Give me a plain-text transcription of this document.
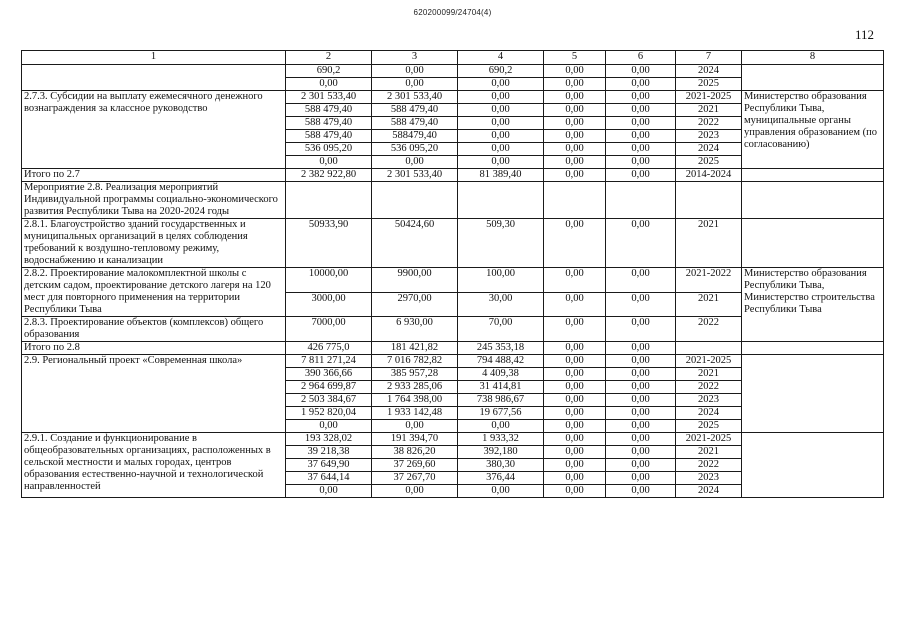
620200099/24704(4)
112
1	2	3	4	5	6	7	8
	690,2	0,00	690,2	0,00	0,00	2024	
	0,00	0,00	0,00	0,00	0,00	2025	
2.7.3. Субсидии на выплату ежемесячного денежного вознаграждения за классное руководство	2 301 533,40	2 301 533,40	0,00	0,00	0,00	2021-2025	Министерство образования Республики Тыва, муниципальные органы управления образованием (по согласованию)
	588 479,40	588 479,40	0,00	0,00	0,00	2021	
	588 479,40	588 479,40	0,00	0,00	0,00	2022	
	588 479,40	588479,40	0,00	0,00	0,00	2023	
	536 095,20	536 095,20	0,00	0,00	0,00	2024	
	0,00	0,00	0,00	0,00	0,00	2025	
Итого по 2.7	2 382 922,80	2 301 533,40	81 389,40	0,00	0,00	2014-2024	
Мероприятие 2.8. Реализация мероприятий Индивидуальной программы социально-экономического развития Республики Тыва на 2020-2024 годы							
2.8.1. Благоустройство зданий государственных и муниципальных организаций в целях соблюдения требований к воздушно-тепловому режиму, водоснабжению и канализации	50933,90	50424,60	509,30	0,00	0,00	2021	
2.8.2. Проектирование малокомплектной школы с детским садом, проектирование детского лагеря на 120 мест для повторного применения на территории Республики Тыва	10000,00	9900,00	100,00	0,00	0,00	2021-2022	Министерство образования Республики Тыва, Министерство строительства Республики Тыва
	3000,00	2970,00	30,00	0,00	0,00	2021	
2.8.3. Проектирование объектов (комплексов) общего образования	7000,00	6 930,00	70,00	0,00	0,00	2022	
Итого по 2.8	426 775,0	181 421,82	245 353,18	0,00	0,00		
2.9. Региональный проект «Современная школа»	7 811 271,24	7 016 782,82	794 488,42	0,00	0,00	2021-2025	
	390 366,66	385 957,28	4 409,38	0,00	0,00	2021	
	2 964 699,87	2 933 285,06	31 414,81	0,00	0,00	2022	
	2 503 384,67	1 764 398,00	738 986,67	0,00	0,00	2023	
	1 952 820,04	1 933 142,48	19 677,56	0,00	0,00	2024	
	0,00	0,00	0,00	0,00	0,00	2025	
2.9.1. Создание и функционирование в общеобразовательных организациях, расположенных в сельской местности и малых городах, центров образования естественно-научной и технологической направленностей	193 328,02	191 394,70	1 933,32	0,00	0,00	2021-2025	
	39 218,38	38 826,20	392,180	0,00	0,00	2021	
	37 649,90	37 269,60	380,30	0,00	0,00	2022	
	37 644,14	37 267,70	376,44	0,00	0,00	2023	
	0,00	0,00	0,00	0,00	0,00	2024	
